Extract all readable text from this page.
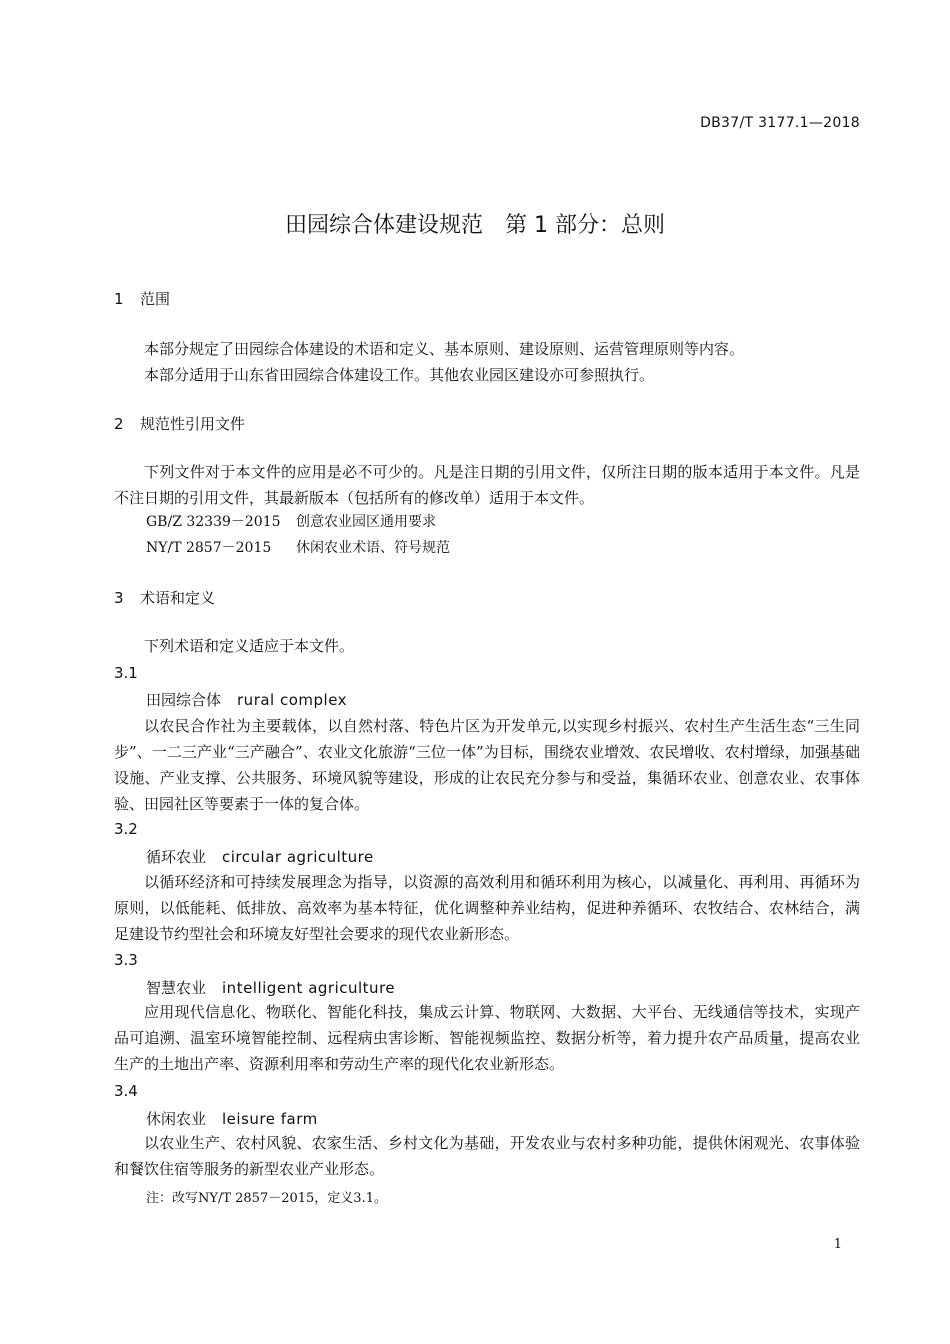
DB37/T 3177.1—2018
田园综合体建设规范　第 1 部分：总则
1 范围

本部分规定了田园综合体建设的术语和定义、基本原则、建设原则、运营管理原则等内容。

本部分适用于山东省田园综合体建设工作。其他农业园区建设亦可参照执行。

2 规范性引用文件

下列文件对于本文件的应用是必不可少的。凡是注日期的引用文件，仅所注日期的版本适用于本文件。凡是不注日期的引用文件，其最新版本（包括所有的修改单）适用于本文件。

GB/Z 32339－2015 创意农业园区通用要求
NY/T 2857－2015 休闲农业术语、符号规范
3 术语和定义

下列术语和定义适应于本文件。

3.1
田园综合体 rural complex

以农民合作社为主要载体，以自然村落、特色片区为开发单元,以实现乡村振兴、农村生产生活生态“三生同步”、一二三产业“三产融合”、农业文化旅游“三位一体”为目标，围绕农业增效、农民增收、农村增绿，加强基础设施、产业支撑、公共服务、环境风貌等建设，形成的让农民充分参与和受益，集循环农业、创意农业、农事体验、田园社区等要素于一体的复合体。

3.2
循环农业 circular agriculture

以循环经济和可持续发展理念为指导，以资源的高效利用和循环利用为核心，以减量化、再利用、再循环为原则，以低能耗、低排放、高效率为基本特征，优化调整种养业结构，促进种养循环、农牧结合、农林结合，满足建设节约型社会和环境友好型社会要求的现代农业新形态。

3.3
智慧农业 intelligent agriculture

应用现代信息化、物联化、智能化科技，集成云计算、物联网、大数据、大平台、无线通信等技术，实现产品可追溯、温室环境智能控制、远程病虫害诊断、智能视频监控、数据分析等，着力提升农产品质量，提高农业生产的土地出产率、资源利用率和劳动生产率的现代化农业新形态。

3.4
休闲农业 leisure farm

以农业生产、农村风貌、农家生活、乡村文化为基础，开发农业与农村多种功能，提供休闲观光、农事体验和餐饮住宿等服务的新型农业产业形态。

注：改写NY/T 2857－2015，定义3.1。
1
